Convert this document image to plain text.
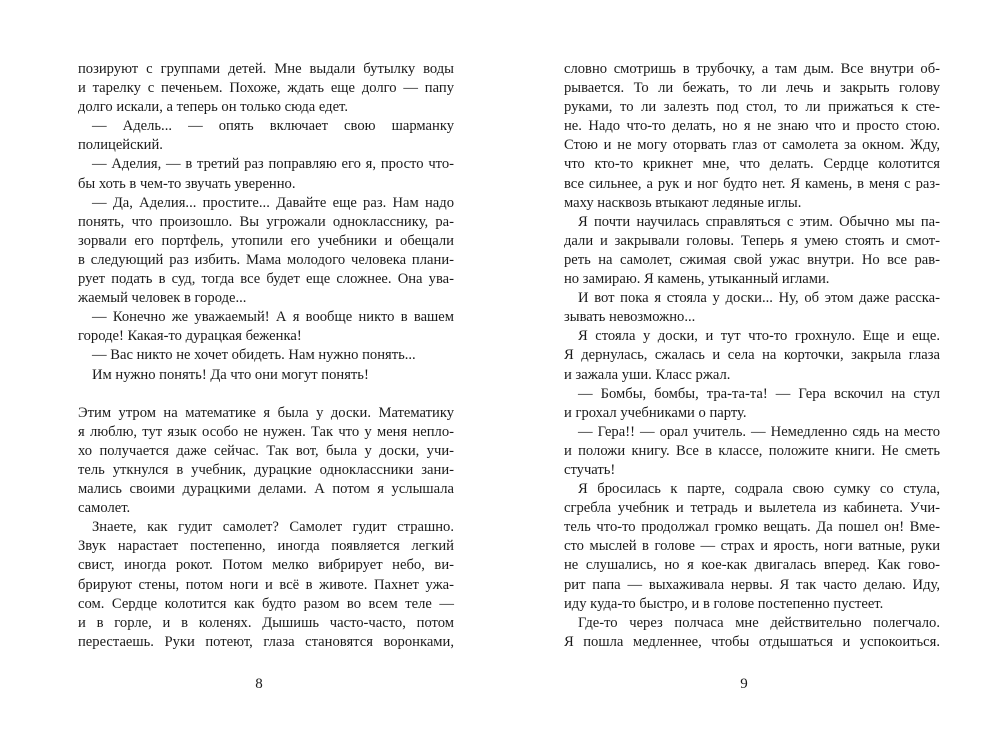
позируют с группами детей. Мне выдали бутылку воды
и тарелку с печеньем. Похоже, ждать еще долго — папу
долго искали, а теперь он только сюда едет.
— Адель... — опять включает свою шарманку
полицейский.
— Аделия, — в третий раз поправляю его я, просто что-
бы хоть в чем-то звучать уверенно.
— Да, Аделия... простите... Давайте еще раз. Нам надо
понять, что произошло. Вы угрожали однокласснику, ра-
зорвали его портфель, утопили его учебники и обещали
в следующий раз избить. Мама молодого человека плани-
рует подать в суд, тогда все будет еще сложнее. Она ува-
жаемый человек в городе...
— Конечно же уважаемый! А я вообще никто в вашем
городе! Какая-то дурацкая беженка!
— Вас никто не хочет обидеть. Нам нужно понять...
Им нужно понять! Да что они могут понять!
Этим утром на математике я была у доски. Математику
я люблю, тут язык особо не нужен. Так что у меня непло-
хо получается даже сейчас. Так вот, была у доски, учи-
тель уткнулся в учебник, дурацкие одноклассники зани-
мались своими дурацкими делами. А потом я услышала
самолет.
Знаете, как гудит самолет? Самолет гудит страшно.
Звук нарастает постепенно, иногда появляется легкий
свист, иногда рокот. Потом мелко вибрирует небо, ви-
брируют стены, потом ноги и всё в животе. Пахнет ужа-
сом. Сердце колотится как будто разом во всем теле —
и в горле, и в коленях. Дышишь часто-часто, потом
перестаешь. Руки потеют, глаза становятся воронками,
словно смотришь в трубочку, а там дым. Все внутри об-
рывается. То ли бежать, то ли лечь и закрыть голову
руками, то ли залезть под стол, то ли прижаться к сте-
не. Надо что-то делать, но я не знаю что и просто стою.
Стою и не могу оторвать глаз от самолета за окном. Жду,
что кто-то крикнет мне, что делать. Сердце колотится
все сильнее, а рук и ног будто нет. Я камень, в меня с раз-
маху насквозь втыкают ледяные иглы.
Я почти научилась справляться с этим. Обычно мы па-
дали и закрывали головы. Теперь я умею стоять и смот-
реть на самолет, сжимая свой ужас внутри. Но все рав-
но замираю. Я камень, утыканный иглами.
И вот пока я стояла у доски... Ну, об этом даже расска-
зывать невозможно...
Я стояла у доски, и тут что-то грохнуло. Еще и еще.
Я дернулась, сжалась и села на корточки, закрыла глаза
и зажала уши. Класс ржал.
— Бомбы, бомбы, тра-та-та! — Гера вскочил на стул
и грохал учебниками о парту.
— Гера!! — орал учитель. — Немедленно сядь на место
и положи книгу. Все в классе, положите книги. Не сметь
стучать!
Я бросилась к парте, содрала свою сумку со стула,
сгребла учебник и тетрадь и вылетела из кабинета. Учи-
тель что-то продолжал громко вещать. Да пошел он! Вме-
сто мыслей в голове — страх и ярость, ноги ватные, руки
не слушались, но я кое-как двигалась вперед. Как гово-
рит папа — выхаживала нервы. Я так часто делаю. Иду,
иду куда-то быстро, и в голове постепенно пустеет.
Где-то через полчаса мне действительно полегчало.
Я пошла медленнее, чтобы отдышаться и успокоиться.
8	9
